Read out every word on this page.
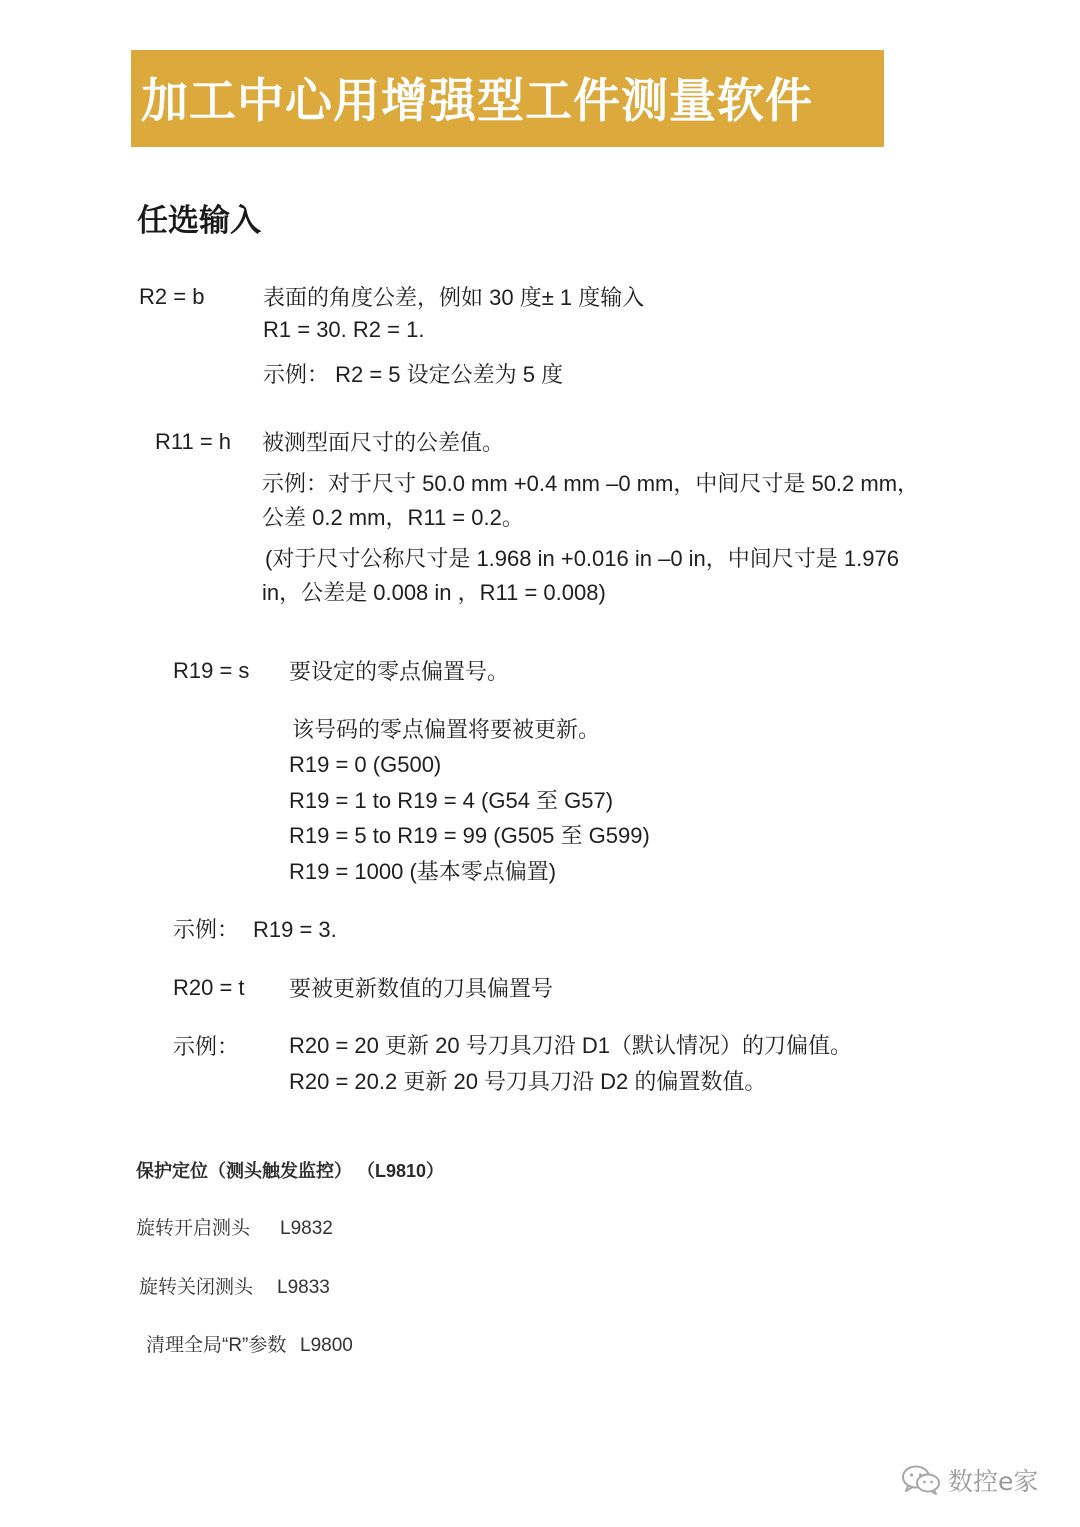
加工中心用增强型工件测量软件
任选输入
R2 = b	表面的角度公差，例如 30 度± 1 度输入
R1 = 30. R2 = 1.
示例： R2 = 5 设定公差为 5 度
R11 = h 被测型面尺寸的公差值。
示例：对于尺寸 50.0 mm +0.4 mm –0 mm，中间尺寸是 50.2 mm，
公差 0.2 mm，R11 = 0.2。
(对于尺寸公称尺寸是 1.968 in +0.016 in –0 in，中间尺寸是 1.976
in，公差是 0.008 in ，R11 = 0.008)
R19 = s 要设定的零点偏置号。
该号码的零点偏置将要被更新。
R19 = 0 (G500)
R19 = 1 to R19 = 4 (G54 至 G57)
R19 = 5 to R19 = 99 (G505 至 G599)
R19 = 1000 (基本零点偏置)
示例： R19 = 3.
R20 = t 要被更新数值的刀具偏置号
示例： R20 = 20 更新 20 号刀具刀沿 D1（默认情况）的刀偏值。
R20 = 20.2 更新 20 号刀具刀沿 D2 的偏置数值。
保护定位（测头触发监控） （L9810）
旋转开启测头 L9832
旋转关闭测头 L9833
清理全局“R”参数 L9800
数控e家
